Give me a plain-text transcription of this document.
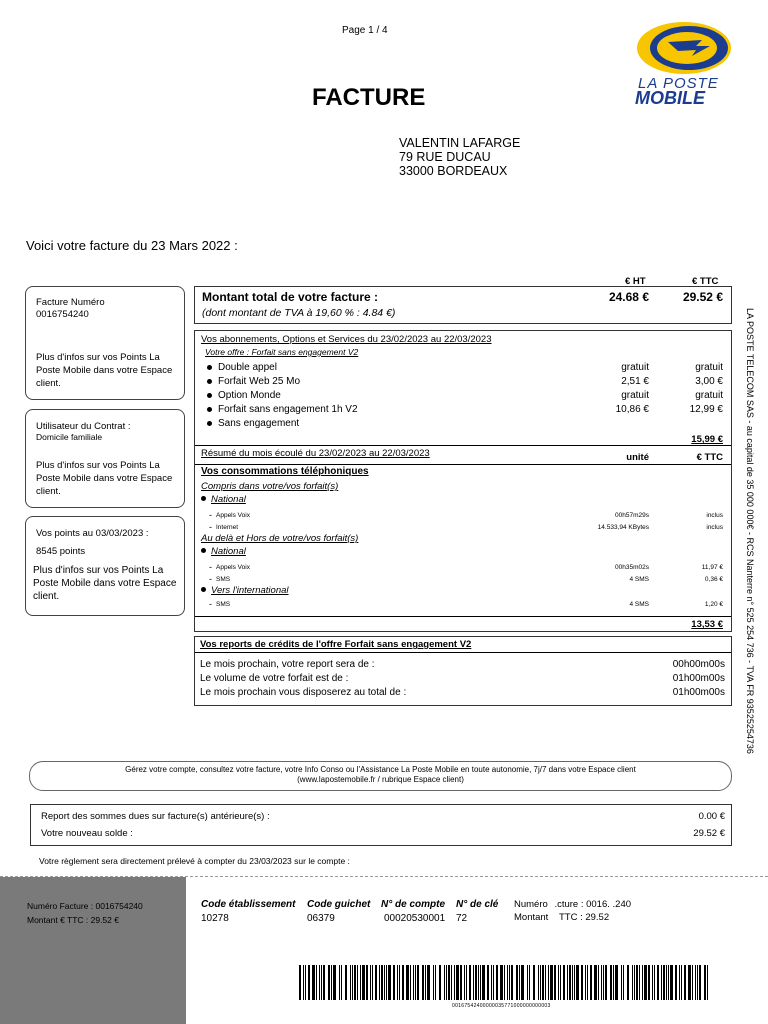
Page 1 / 4
LA POSTE
MOBILE
FACTURE
VALENTIN LAFARGE
79 RUE DUCAU
33000 BORDEAUX
Voici votre facture du 23 Mars 2022 :
Facture Numéro
0016754240
Plus d'infos sur vos Points La Poste Mobile dans votre Espace client.
Utilisateur du Contrat :
Domicile familiale
Plus d'infos sur vos Points La Poste Mobile dans votre Espace client.
Vos points au 03/03/2023 :
8545 points
Plus d'infos sur vos Points La Poste Mobile dans votre Espace client.
€ HT	€ TTC
Montant total de votre facture :	24.68 €	29.52 €
(dont montant de TVA à 19,60 % : 4.84 €)
Vos abonnements, Options et Services du 23/02/2023 au 22/03/2023
Votre offre : Forfait sans engagement V2
Double appel	gratuit	gratuit
Forfait Web 25 Mo	2,51 €	3,00 €
Option Monde	gratuit	gratuit
Forfait sans engagement 1h V2	10,86 €	12,99 €
Sans engagement
15,99 €
Résumé du mois écoulé du 23/02/2023 au 22/03/2023	unité	€ TTC
Vos consommations téléphoniques
Compris dans votre/vos forfait(s)
National
- Appels Voix	00h57m29s	inclus
- Internet	14.533,94 KBytes	inclus
Au delà et Hors de votre/vos forfait(s)
National
- Appels Voix	00h35m02s	11,97 €
- SMS	4 SMS	0,36 €
Vers l'international
- SMS	4 SMS	1,20 €
13,53 €
Vos reports de crédits de l'offre Forfait sans engagement V2
Le mois prochain, votre report sera de :	00h00m00s
Le volume de votre forfait est de :	01h00m00s
Le mois prochain vous disposerez au total de :	01h00m00s LA POSTE TELECOM SAS - au capital de 35 000 000€ - RCS Nanterre n° 525 254 736 - TVA FR 93525254736
Gérez votre compte, consultez votre facture, votre Info Conso ou l'Assistance La Poste Mobile en toute autonomie, 7j/7 dans votre Espace client
(www.lapostemobile.fr / rubrique Espace client)
Report des sommes dues sur facture(s) antérieure(s) :	0.00 €
Votre nouveau solde :	29.52 €
Votre règlement sera directement prélevé à compter du 23/03/2023 sur le compte :
Numéro Facture : 0016754240
Montant € TTC : 29.52 €
Code établissement Code guichet N° de compte N° de clé
10278	06379	00020530001 72
Numéro .cture : 0016. .240
Montant TTC : 29.52
00167542400000035771000000000003
